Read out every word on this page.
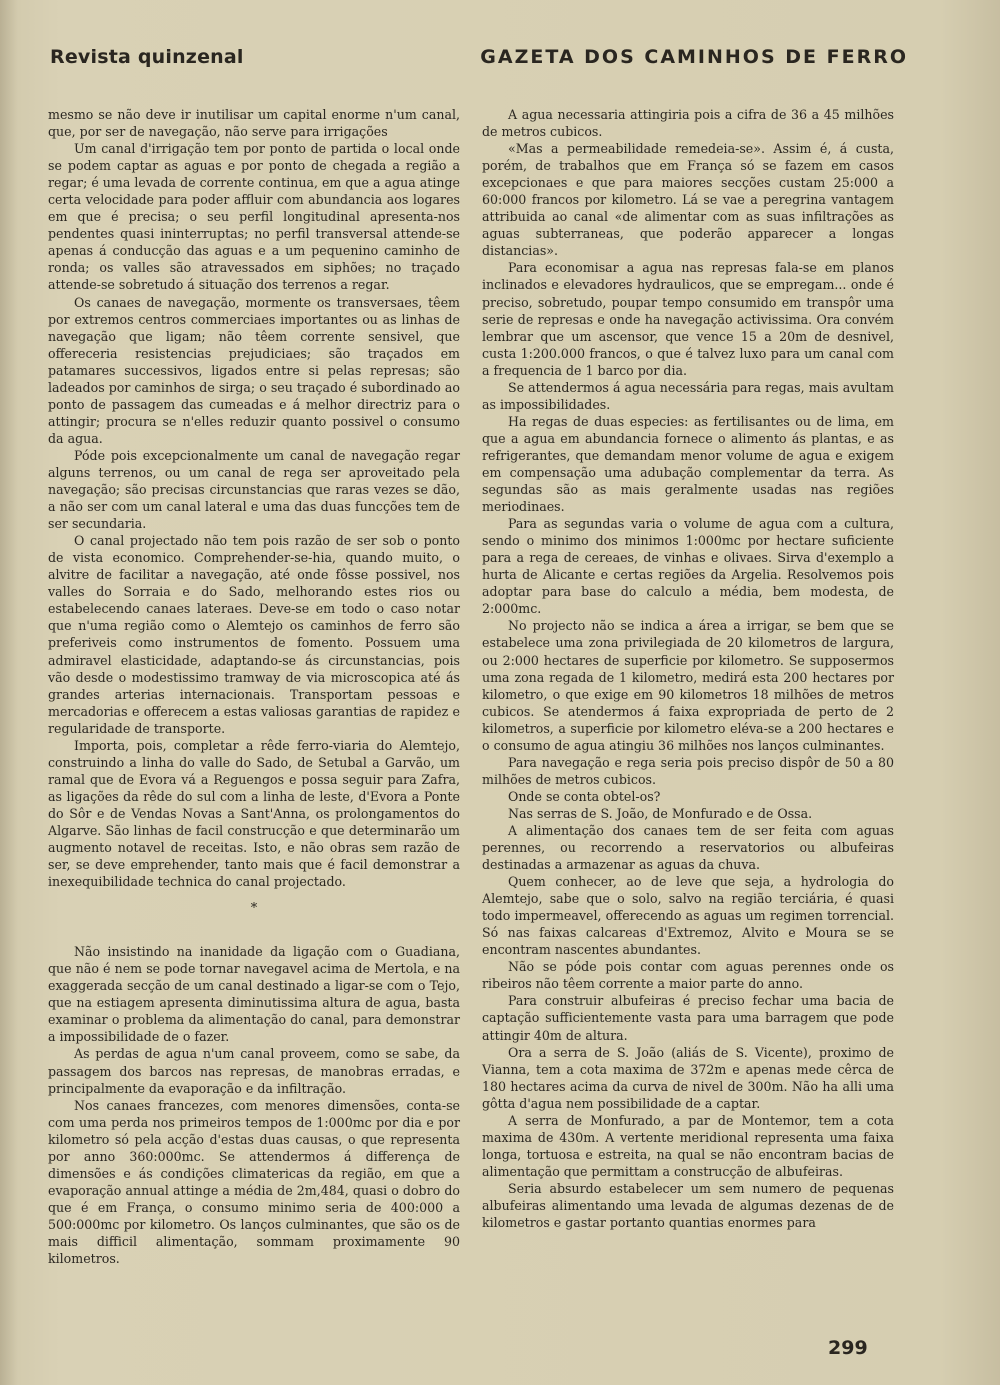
Revista quinzenal	GAZETA DOS CAMINHOS DE FERRO

mesmo se não deve ir inutilisar um capital enorme n'um canal, que, por ser de navegação, não serve para irrigações

Um canal d'irrigação tem por ponto de partida o local onde se podem captar as aguas e por ponto de chegada a região a regar; é uma levada de corrente continua, em que a agua atinge certa velocidade para poder affluir com abundancia aos logares em que é precisa; o seu perfil longitudinal apresenta-nos pendentes quasi ininterruptas; no perfil transversal attende-se apenas á conducção das aguas e a um pequenino caminho de ronda; os valles são atravessados em siphões; no traçado attende-se sobretudo á situação dos terrenos a regar.

Os canaes de navegação, mormente os transversaes, têem por extremos centros commerciaes importantes ou as linhas de navegação que ligam; não têem corrente sensivel, que offereceria resistencias prejudiciaes; são traçados em patamares successivos, ligados entre si pelas represas; são ladeados por caminhos de sirga; o seu traçado é subordinado ao ponto de passagem das cumeadas e á melhor directriz para o attingir; procura se n'elles reduzir quanto possivel o consumo da agua.

Póde pois excepcionalmente um canal de navegação regar alguns terrenos, ou um canal de rega ser aproveitado pela navegação; são precisas circunstancias que raras vezes se dão, a não ser com um canal lateral e uma das duas funcções tem de ser secundaria.

O canal projectado não tem pois razão de ser sob o ponto de vista economico. Comprehender-se-hia, quando muito, o alvitre de facilitar a navegação, até onde fôsse possivel, nos valles do Sorraia e do Sado, melhorando estes rios ou estabelecendo canaes lateraes. Deve-se em todo o caso notar que n'uma região como o Alemtejo os caminhos de ferro são preferiveis como instrumentos de fomento. Possuem uma admiravel elasticidade, adaptando-se ás circunstancias, pois vão desde o modestissimo tramway de via microscopica até ás grandes arterias internacionais. Transportam pessoas e mercadorias e offerecem a estas valiosas garantias de rapidez e regularidade de transporte.

Importa, pois, completar a rêde ferro-viaria do Alemtejo, construindo a linha do valle do Sado, de Setubal a Garvão, um ramal que de Evora vá a Reguengos e possa seguir para Zafra, as ligações da rêde do sul com a linha de leste, d'Evora a Ponte do Sôr e de Vendas Novas a Sant'Anna, os prolongamentos do Algarve. São linhas de facil construcção e que determinarão um augmento notavel de receitas. Isto, e não obras sem razão de ser, se deve emprehender, tanto mais que é facil demonstrar a inexequibilidade technica do canal projectado.

*

Não insistindo na inanidade da ligação com o Guadiana, que não é nem se pode tornar navegavel acima de Mertola, e na exaggerada secção de um canal destinado a ligar-se com o Tejo, que na estiagem apresenta diminutissima altura de agua, basta examinar o problema da alimentação do canal, para demonstrar a impossibilidade de o fazer.

As perdas de agua n'um canal proveem, como se sabe, da passagem dos barcos nas represas, de manobras erradas, e principalmente da evaporação e da infiltração.

Nos canaes francezes, com menores dimensões, conta-se com uma perda nos primeiros tempos de 1:000mc por dia e por kilometro só pela acção d'estas duas causas, o que representa por anno 360:000mc. Se attendermos á differença de dimensões e ás condições climatericas da região, em que a evaporação annual attinge a média de 2m,484, quasi o dobro do que é em França, o consumo minimo seria de 400:000 a 500:000mc por kilometro. Os lanços culminantes, que são os de mais difficil alimentação, sommam proximamente 90 kilometros.

A agua necessaria attingiria pois a cifra de 36 a 45 milhões de metros cubicos.

«Mas a permeabilidade remedeia-se». Assim é, á custa, porém, de trabalhos que em França só se fazem em casos excepcionaes e que para maiores secções custam 25:000 a 60:000 francos por kilometro. Lá se vae a peregrina vantagem attribuida ao canal «de alimentar com as suas infiltrações as aguas subterraneas, que poderão apparecer a longas distancias».

Para economisar a agua nas represas fala-se em planos inclinados e elevadores hydraulicos, que se empregam... onde é preciso, sobretudo, poupar tempo consumido em transpôr uma serie de represas e onde ha navegação activissima. Ora convém lembrar que um ascensor, que vence 15 a 20m de desnivel, custa 1:200.000 francos, o que é talvez luxo para um canal com a frequencia de 1 barco por dia.

Se attendermos á agua necessária para regas, mais avultam as impossibilidades.

Ha regas de duas especies: as fertilisantes ou de lima, em que a agua em abundancia fornece o alimento ás plantas, e as refrigerantes, que demandam menor volume de agua e exigem em compensação uma adubação complementar da terra. As segundas são as mais geralmente usadas nas regiões meriodinaes.

Para as segundas varia o volume de agua com a cultura, sendo o minimo dos minimos 1:000mc por hectare suficiente para a rega de cereaes, de vinhas e olivaes. Sirva d'exemplo a hurta de Alicante e certas regiões da Argelia. Resolvemos pois adoptar para base do calculo a média, bem modesta, de 2:000mc.

No projecto não se indica a área a irrigar, se bem que se estabelece uma zona privilegiada de 20 kilometros de largura, ou 2:000 hectares de superficie por kilometro. Se supposermos uma zona regada de 1 kilometro, medirá esta 200 hectares por kilometro, o que exige em 90 kilometros 18 milhões de metros cubicos. Se atendermos á faixa expropriada de perto de 2 kilometros, a superficie por kilometro eléva-se a 200 hectares e o consumo de agua atingiu 36 milhões nos lanços culminantes.

Para navegação e rega seria pois preciso dispôr de 50 a 80 milhões de metros cubicos.

Onde se conta obtel-os?

Nas serras de S. João, de Monfurado e de Ossa.

A alimentação dos canaes tem de ser feita com aguas perennes, ou recorrendo a reservatorios ou albufeiras destinadas a armazenar as aguas da chuva.

Quem conhecer, ao de leve que seja, a hydrologia do Alemtejo, sabe que o solo, salvo na região terciária, é quasi todo impermeavel, offerecendo as aguas um regimen torrencial. Só nas faixas calcareas d'Extremoz, Alvito e Moura se se encontram nascentes abundantes.

Não se póde pois contar com aguas perennes onde os ribeiros não têem corrente a maior parte do anno.

Para construir albufeiras é preciso fechar uma bacia de captação sufficientemente vasta para uma barragem que pode attingir 40m de altura.

Ora a serra de S. João (aliás de S. Vicente), proximo de Vianna, tem a cota maxima de 372m e apenas mede cêrca de 180 hectares acima da curva de nivel de 300m. Não ha alli uma gôtta d'agua nem possibilidade de a captar.

A serra de Monfurado, a par de Montemor, tem a cota maxima de 430m. A vertente meridional representa uma faixa longa, tortuosa e estreita, na qual se não encontram bacias de alimentação que permittam a construcção de albufeiras.

Seria absurdo estabelecer um sem numero de pequenas albufeiras alimentando uma levada de algumas dezenas de de kilometros e gastar portanto quantias enormes para

299
